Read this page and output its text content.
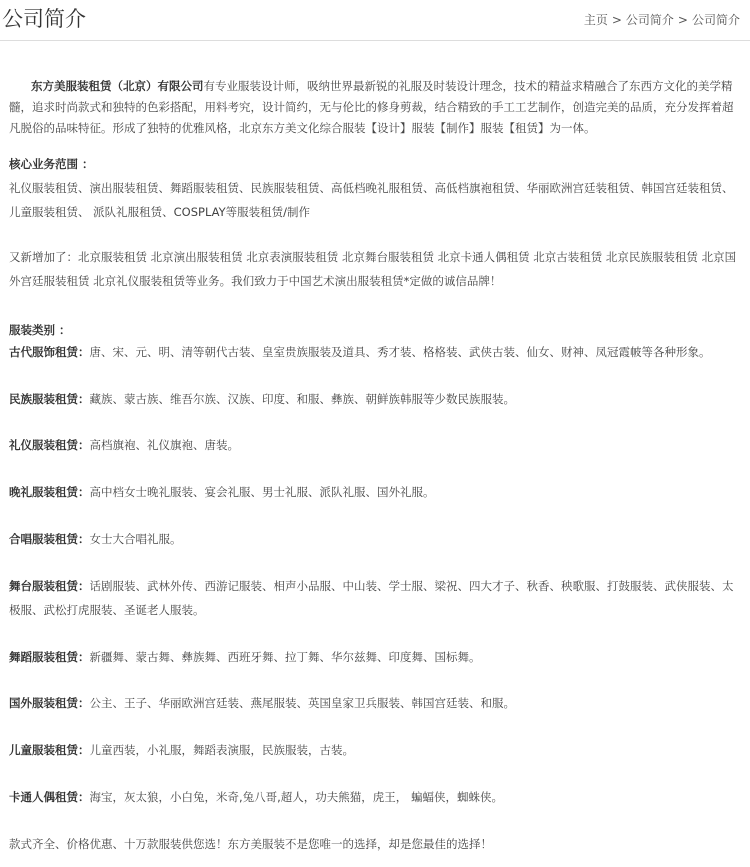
公司简介	主页 > 公司简介 > 公司简介

东方美服装租赁（北京）有限公司有专业服装设计师，吸纳世界最新锐的礼服及时装设计理念，技术的精益求精融合了东西方文化的美学精髓，追求时尚款式和独特的色彩搭配，用料考究，设计简约，无与伦比的修身剪裁，结合精致的手工工艺制作，创造完美的品质，充分发挥着超凡脱俗的品味特征。形成了独特的优雅风格，北京东方美文化综合服装【设计】服装【制作】服装【租赁】为一体。

核心业务范围 ：

礼仪服装租赁、演出服装租赁、舞蹈服装租赁、民族服装租赁、高低档晚礼服租赁、高低档旗袍租赁、华丽欧洲宫廷装租赁、韩国宫廷装租赁、儿童服装租赁、 派队礼服租赁、COSPLAY等服装租赁/制作

又新增加了：北京服装租赁 北京演出服装租赁 北京表演服装租赁 北京舞台服装租赁 北京卡通人偶租赁 北京古装租赁 北京民族服装租赁 北京国外宫廷服装租赁 北京礼仪服装租赁等业务。我们致力于中国艺术演出服装租赁*定做的诚信品牌！

服装类别 ：

古代服饰租赁：唐、宋、元、明、清等朝代古装、皇室贵族服装及道具、秀才装、格格装、武侠古装、仙女、财神、凤冠霞帔等各种形象。

民族服装租赁：藏族、蒙古族、维吾尔族、汉族、印度、和服、彝族、朝鲜族韩服等少数民族服装。

礼仪服装租赁：高档旗袍、礼仪旗袍、唐装。

晚礼服装租赁：高中档女士晚礼服装、宴会礼服、男士礼服、派队礼服、国外礼服。

合唱服装租赁：女士大合唱礼服。

舞台服装租赁：话剧服装、武林外传、西游记服装、相声小品服、中山装、学士服、梁祝、四大才子、秋香、秧歌服、打鼓服装、武侠服装、太极服、武松打虎服装、圣诞老人服装。

舞蹈服装租赁：新疆舞、蒙古舞、彝族舞、西班牙舞、拉丁舞、华尔兹舞、印度舞、国标舞。

国外服装租赁：公主、王子、华丽欧洲宫廷装、燕尾服装、英国皇家卫兵服装、韩国宫廷装、和服。

儿童服装租赁：儿童西装，小礼服，舞蹈表演服，民族服装，古装。

卡通人偶租赁：海宝，灰太狼，小白兔，米奇,兔八哥,超人，功夫熊猫，虎王， 蝙蝠侠，蜘蛛侠。

款式齐全、价格优惠、十万款服装供您选！东方美服装不是您唯一的选择，却是您最佳的选择！
